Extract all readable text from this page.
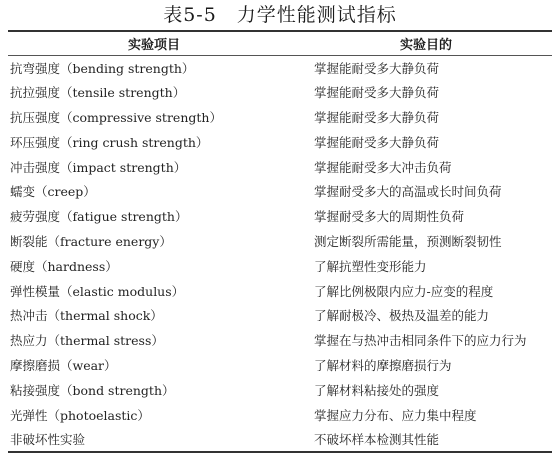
表5-5 力学性能测试指标
实验项目	实验目的
抗弯强度（bending strength）	掌握能耐受多大静负荷
抗拉强度（tensile strength）	掌握能耐受多大静负荷
抗压强度（compressive strength）	掌握能耐受多大静负荷
环压强度（ring crush strength）	掌握能耐受多大静负荷
冲击强度（impact strength）	掌握能耐受多大冲击负荷
蠕变（creep）	掌握耐受多大的高温或长时间负荷
疲劳强度（fatigue strength）	掌握耐受多大的周期性负荷
断裂能（fracture energy）	测定断裂所需能量，预测断裂韧性
硬度（hardness）	了解抗塑性变形能力
弹性模量（elastic modulus）	了解比例极限内应力-应变的程度
热冲击（thermal shock）	了解耐极冷、极热及温差的能力
热应力（thermal stress）	掌握在与热冲击相同条件下的应力行为
摩擦磨损（wear）	了解材料的摩擦磨损行为
粘接强度（bond strength）	了解材料粘接处的强度
光弹性（photoelastic）	掌握应力分布、应力集中程度
非破坏性实验	不破坏样本检测其性能
